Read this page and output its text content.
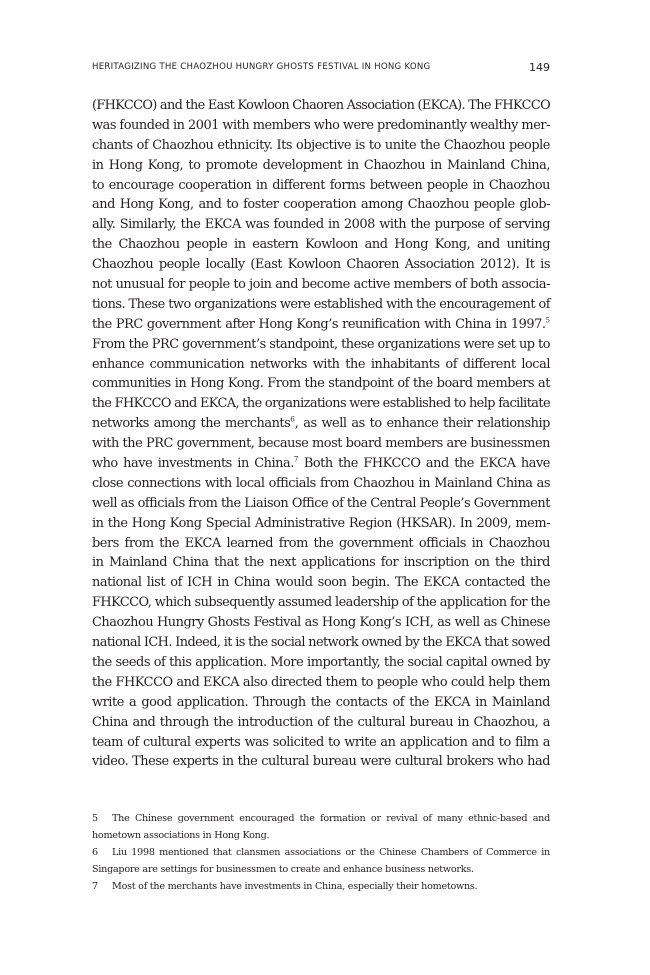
HERITAGIZING THE CHAOZHOU HUNGRY GHOSTS FESTIVAL IN HONG KONG	149
(FHKCCO) and the East Kowloon Chaoren Association (EKCA). The FHKCCO
was founded in 2001 with members who were predominantly wealthy mer-
chants of Chaozhou ethnicity. Its objective is to unite the Chaozhou people
in Hong Kong, to promote development in Chaozhou in Mainland China,
to encourage cooperation in different forms between people in Chaozhou
and Hong Kong, and to foster cooperation among Chaozhou people glob-
ally. Similarly, the EKCA was founded in 2008 with the purpose of serving
the Chaozhou people in eastern Kowloon and Hong Kong, and uniting
Chaozhou people locally (East Kowloon Chaoren Association 2012). It is
not unusual for people to join and become active members of both associa-
tions. These two organizations were established with the encouragement of
the PRC government after Hong Kong’s reunification with China in 1997.$^5$
From the PRC government’s standpoint, these organizations were set up to
enhance communication networks with the inhabitants of different local
communities in Hong Kong. From the standpoint of the board members at
the FHKCCO and EKCA, the organizations were established to help facilitate
networks among the merchants$^6$, as well as to enhance their relationship
with the PRC government, because most board members are businessmen
who have investments in China.$^7$ Both the FHKCCO and the EKCA have
close connections with local officials from Chaozhou in Mainland China as
well as officials from the Liaison Office of the Central People’s Government
in the Hong Kong Special Administrative Region (HKSAR). In 2009, mem-
bers from the EKCA learned from the government officials in Chaozhou
in Mainland China that the next applications for inscription on the third
national list of ICH in China would soon begin. The EKCA contacted the
FHKCCO, which subsequently assumed leadership of the application for the
Chaozhou Hungry Ghosts Festival as Hong Kong’s ICH, as well as Chinese
national ICH. Indeed, it is the social network owned by the EKCA that sowed
the seeds of this application. More importantly, the social capital owned by
the FHKCCO and EKCA also directed them to people who could help them
write a good application. Through the contacts of the EKCA in Mainland
China and through the introduction of the cultural bureau in Chaozhou, a
team of cultural experts was solicited to write an application and to film a
video. These experts in the cultural bureau were cultural brokers who had
5 The Chinese government encouraged the formation or revival of many ethnic-based and
hometown associations in Hong Kong.
6 Liu 1998 mentioned that clansmen associations or the Chinese Chambers of Commerce in
Singapore are settings for businessmen to create and enhance business networks.
7 Most of the merchants have investments in China, especially their hometowns.
